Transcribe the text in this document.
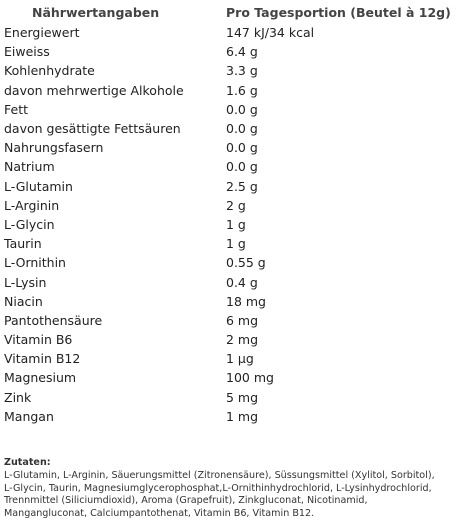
Nährwertangaben	Pro Tagesportion (Beutel à 12g)
Energiewert	147 kJ/34 kcal
Eiweiss	6.4 g
Kohlenhydrate	3.3 g
davon mehrwertige Alkohole	1.6 g
Fett	0.0 g
davon gesättigte Fettsäuren	0.0 g
Nahrungsfasern	0.0 g
Natrium	0.0 g
L-Glutamin	2.5 g
L-Arginin	2 g
L-Glycin	1 g
Taurin	1 g
L-Ornithin	0.55 g
L-Lysin	0.4 g
Niacin	18 mg
Pantothensäure	6 mg
Vitamin B6	2 mg
Vitamin B12	1 µg
Magnesium	100 mg
Zink	5 mg
Mangan	1 mg
Zutaten:
L-Glutamin, L-Arginin, Säuerungsmittel (Zitronensäure), Süssungsmittel (Xylitol, Sorbitol),
L-Glycin, Taurin, Magnesiumglycerophosphat,L-Ornithinhydrochlorid, L-Lysinhydrochlorid,
Trennmittel (Siliciumdioxid), Aroma (Grapefruit), Zinkgluconat, Nicotinamid,
Mangangluconat, Calciumpantothenat, Vitamin B6, Vitamin B12.
